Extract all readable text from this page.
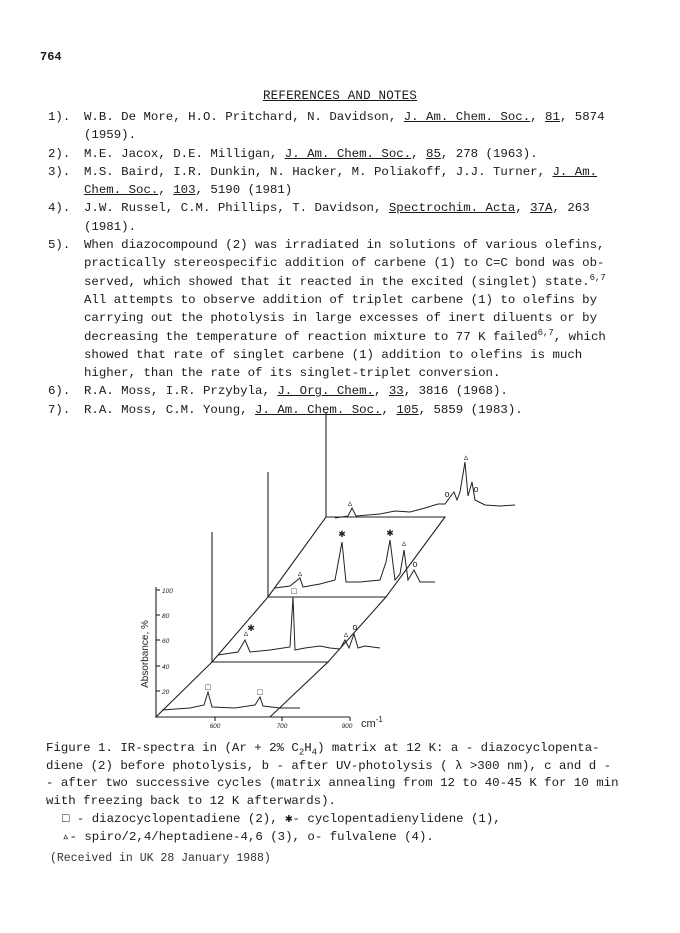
764
REFERENCES AND NOTES
1).	W.B. De More, H.O. Pritchard, N. Davidson, J. Am. Chem. Soc., 81, 5874
(1959).
2).	M.E. Jacox, D.E. Milligan, J. Am. Chem. Soc., 85, 278 (1963).
3).	M.S. Baird, I.R. Dunkin, N. Hacker, M. Poliakoff, J.J. Turner, J. Am.
Chem. Soc., 103, 5190 (1981)
4).	J.W. Russel, C.M. Phillips, T. Davidson, Spectrochim. Acta, 37A, 263
(1981).
5).	When diazocompound (2) was irradiated in solutions of various olefins,
practically stereospecific addition of carbene (1) to C=C bond was ob-
served, which showed that it reacted in the excited (singlet) state.$^{6,7}$
All attempts to observe addition of triplet carbene (1) to olefins by
carrying out the photolysis in large excesses of inert diluents or by
decreasing the temperature of reaction mixture to 77 K failed$^{6,7}$, which
showed that rate of singlet carbene (1) addition to olefins is much
higher, than the rate of its singlet-triplet conversion.
6).	R.A. Moss, I.R. Przybyla, J. Org. Chem., 33, 3816 (1968).
7).	R.A. Moss, C.M. Young, J. Am. Chem. Soc., 105, 5859 (1983).
▵
▵
o	o
✱	✱
▵
o
▵
□
▵
✱
▵
o
□	□
100
80
60
40
20
Absorbance, %
600	700	900 $cm^{-1}$
Figure 1. IR-spectra in (Ar + 2% $C_2H_4$) matrix at 12 K: a - diazocyclopenta-
diene (2) before photolysis, b - after UV-photolysis ( λ >300 nm), c and d -
- after two successive cycles (matrix annealing from 12 to 40-45 K for 10 min
with freezing back to 12 K afterwards).
□ - diazocyclopentadiene (2), ✱- cyclopentadienylidene (1),
▵- spiro/2,4/heptadiene-4,6 (3), o- fulvalene (4).
(Received in UK 28 January 1988)
